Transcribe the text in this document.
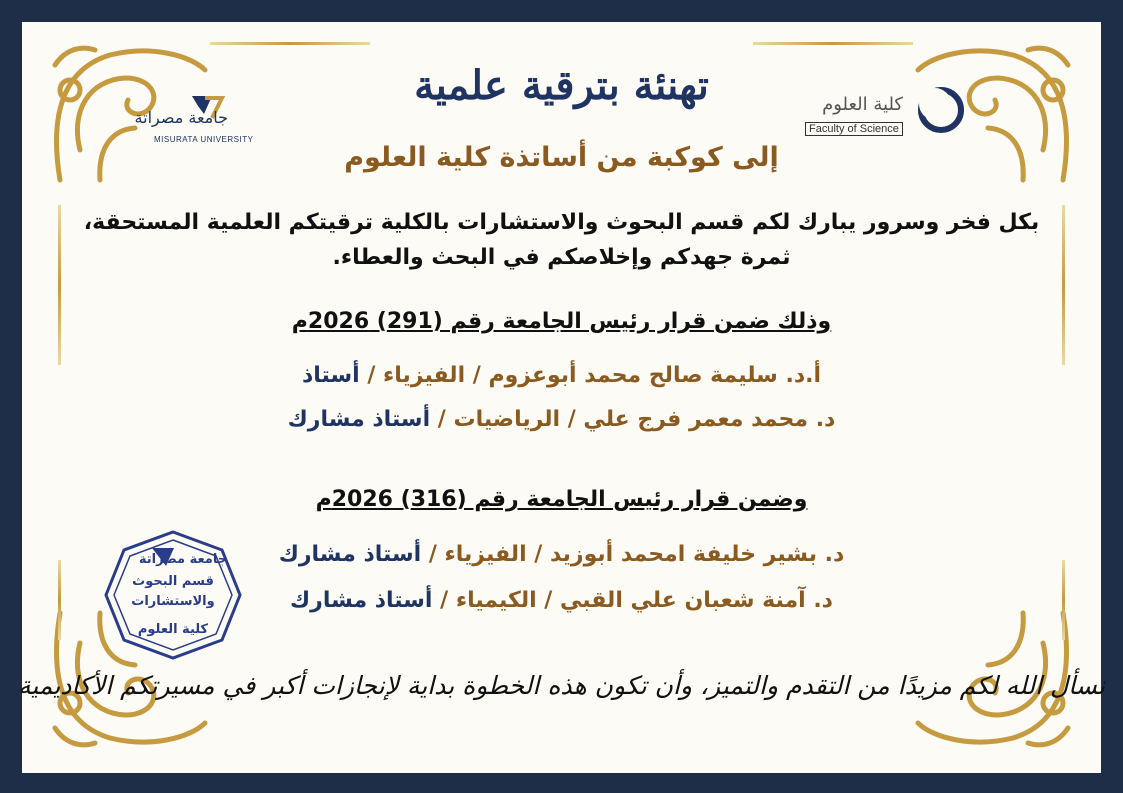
جامعة مصراتة
MISURATA UNIVERSITY
كلية العلوم
Faculty of Science
تهنئة بترقية علمية
إلى كوكبة من أساتذة كلية العلوم
بكل فخر وسرور يبارك لكم قسم البحوث والاستشارات بالكلية ترقيتكم العلمية المستحقة، ثمرة جهدكم وإخلاصكم في البحث والعطاء.
وذلك ضمن قرار رئيس الجامعة رقم (291) 2026م
أ.د. سليمة صالح محمد أبوعزوم / الفيزياء / أستاذ
د. محمد معمر فرج علي / الرياضيات / أستاذ مشارك
وضمن قرار رئيس الجامعة رقم (316) 2026م
د. بشير خليفة امحمد أبوزيد / الفيزياء / أستاذ مشارك
د. آمنة شعبان علي القبي / الكيمياء / أستاذ مشارك
جامعة مصراتة
قسم البحوث
والاستشارات
كلية العلوم
نسأل الله لكم مزيدًا من التقدم والتميز، وأن تكون هذه الخطوة بداية لإنجازات أكبر في مسيرتكم الأكاديمية
